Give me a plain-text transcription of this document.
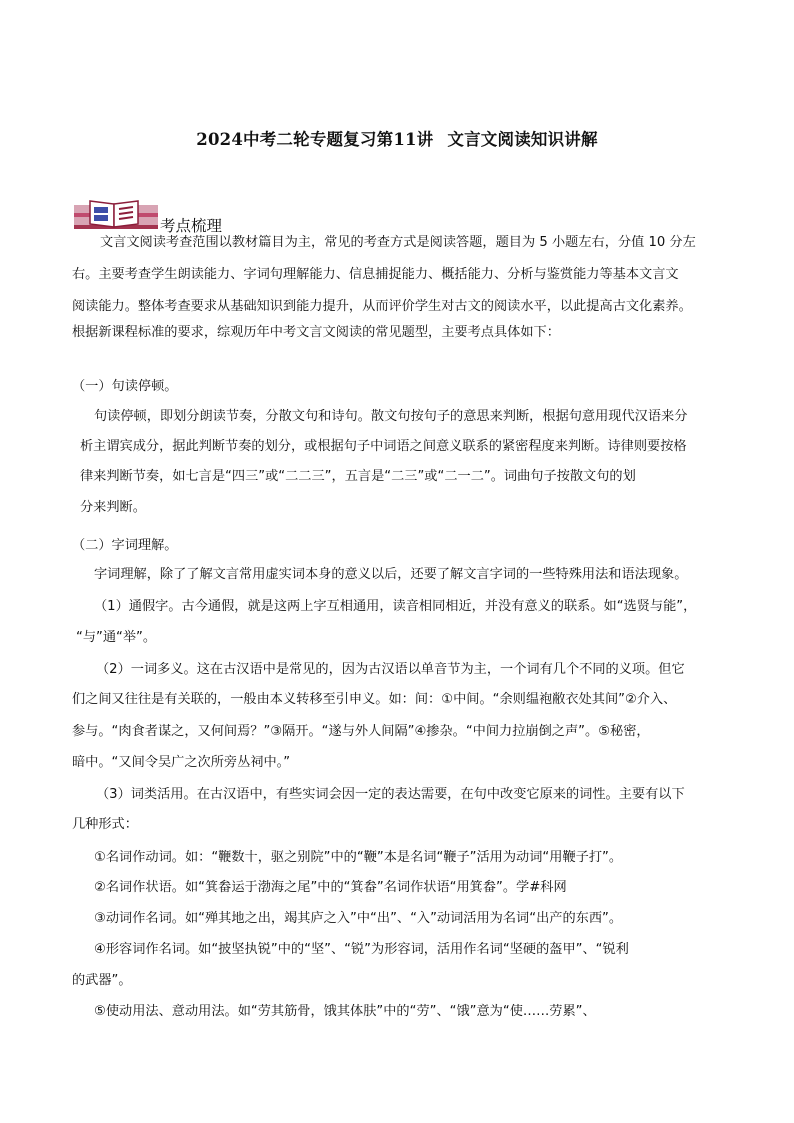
2024中考二轮专题复习第11讲 文言文阅读知识讲解
考点梳理
文言文阅读考查范围以教材篇目为主，常见的考查方式是阅读答题，题目为 5 小题左右，分值 10 分左
右。主要考查学生朗读能力、字词句理解能力、信息捕捉能力、概括能力、分析与鉴赏能力等基本文言文
阅读能力。整体考查要求从基础知识到能力提升，从而评价学生对古文的阅读水平，以此提高古文化素养。
根据新课程标准的要求，综观历年中考文言文阅读的常见题型，主要考点具体如下：
（一）句读停顿。
句读停顿，即划分朗读节奏，分散文句和诗句。散文句按句子的意思来判断，根据句意用现代汉语来分
析主谓宾成分，据此判断节奏的划分，或根据句子中词语之间意义联系的紧密程度来判断。诗律则要按格
律来判断节奏，如七言是“四三”或“二二三”，五言是“二三”或“二一二”。词曲句子按散文句的划
分来判断。
（二）字词理解。
字词理解，除了了解文言常用虚实词本身的意义以后，还要了解文言字词的一些特殊用法和语法现象。
（1）通假字。古今通假，就是这两上字互相通用，读音相同相近，并没有意义的联系。如“选贤与能”，
“与”通“举”。
（2）一词多义。这在古汉语中是常见的，因为古汉语以单音节为主，一个词有几个不同的义项。但它
们之间又往往是有关联的，一般由本义转移至引申义。如：间：①中间。“余则缊袍敝衣处其间”②介入、
参与。“肉食者谋之，又何间焉？”③隔开。“遂与外人间隔”④掺杂。“中间力拉崩倒之声”。⑤秘密，
暗中。“又间令吴广之次所旁丛祠中。”
（3）词类活用。在古汉语中，有些实词会因一定的表达需要，在句中改变它原来的词性。主要有以下
几种形式：
①名词作动词。如：“鞭数十，驱之别院”中的“鞭”本是名词“鞭子”活用为动词“用鞭子打”。
②名词作状语。如“箕畚运于渤海之尾”中的“箕畚”名词作状语“用箕畚”。学#科网
③动词作名词。如“殚其地之出，竭其庐之入”中“出”、“入”动词活用为名词“出产的东西”。
④形容词作名词。如“披坚执锐”中的“坚”、“锐”为形容词，活用作名词“坚硬的盔甲”、“锐利
的武器”。
⑤使动用法、意动用法。如“劳其筋骨，饿其体肤”中的“劳”、“饿”意为“使……劳累”、
